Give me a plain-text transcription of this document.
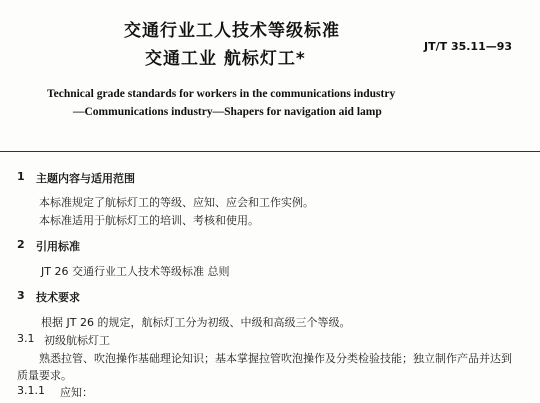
交通行业工人技术等级标准
交通工业 航标灯工*
JT/T 35.11—93
Technical grade standards for workers in the communications industry
—Communications industry—Shapers for navigation aid lamp
1 主题内容与适用范围
本标准规定了航标灯工的等级、应知、应会和工作实例。
本标准适用于航标灯工的培训、考核和使用。
2 引用标准
JT 26 交通行业工人技术等级标准 总则
3 技术要求
根据 JT 26 的规定，航标灯工分为初级、中级和高级三个等级。
3.1 初级航标灯工
熟悉拉管、吹泡操作基础理论知识；基本掌握拉管吹泡操作及分类检验技能；独立制作产品并达到
质量要求。
3.1.1 应知：
